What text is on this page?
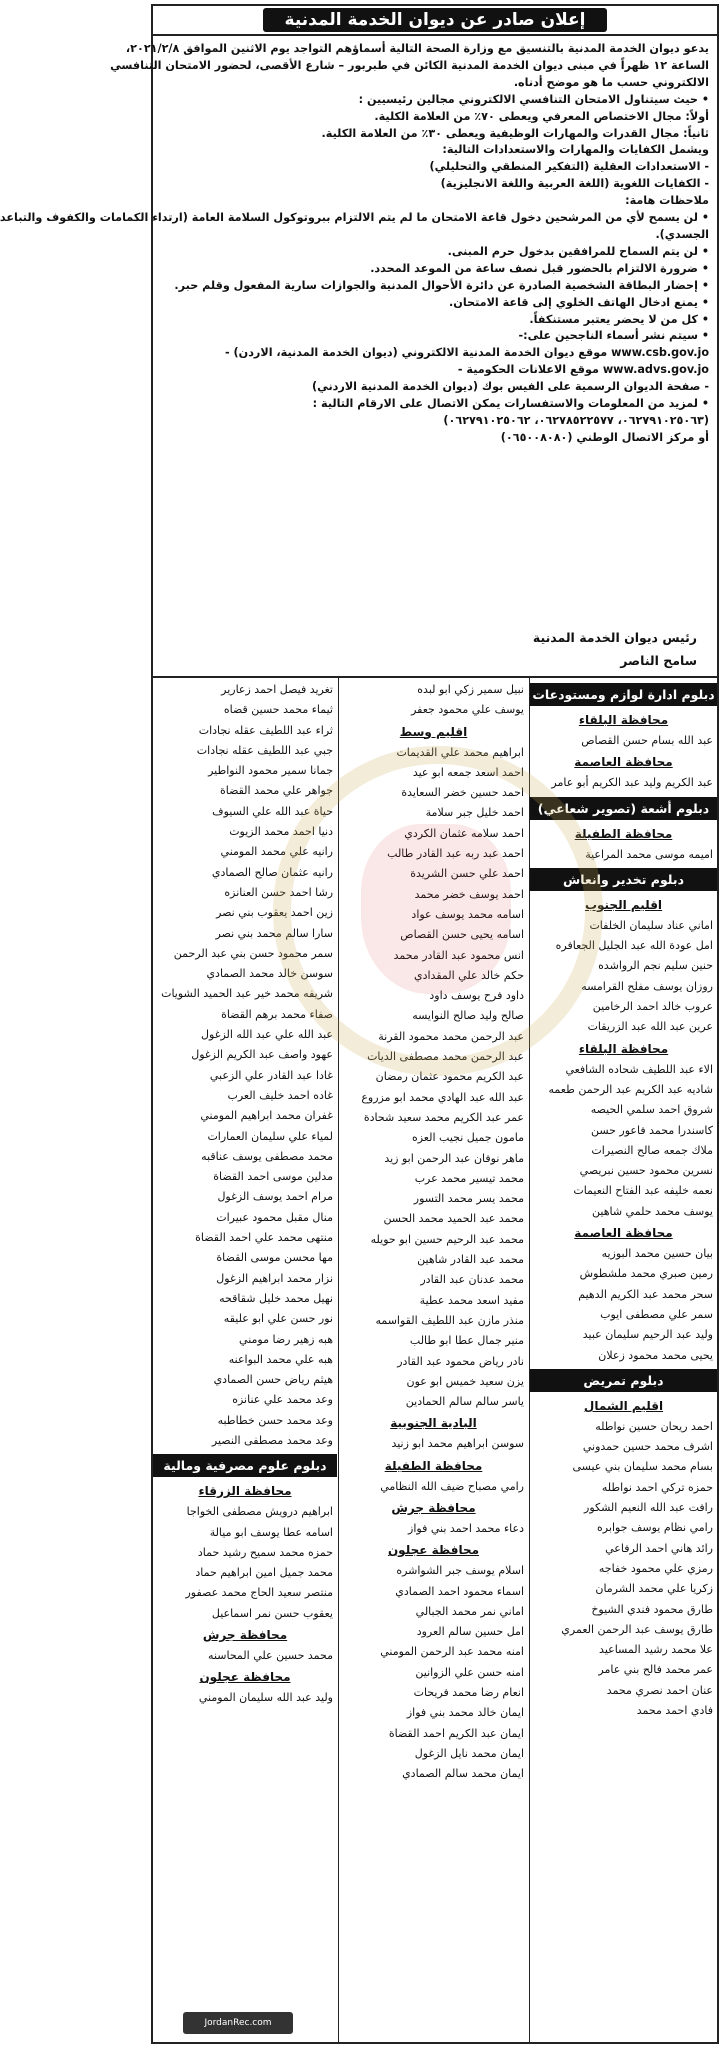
إعلان صادر عن ديوان الخدمة المدنية

يدعو ديوان الخدمة المدنية بالتنسيق مع وزارة الصحة التالية أسماؤهم التواجد يوم الاثنين الموافق ٢٠٢١/٢/٨،

الساعة ١٢ ظهراً في مبنى ديوان الخدمة المدنية الكائن في طبربور – شارع الأقصى، لحضور الامتحان التنافسي

الالكتروني حسب ما هو موضح أدناه.

• حيث سيتناول الامتحان التنافسي الالكتروني مجالين رئيسيين :

أولاً: مجال الاختصاص المعرفي ويعطى ٧٠٪ من العلامة الكلية.

ثانياً: مجال القدرات والمهارات الوظيفية ويعطى ٣٠٪ من العلامة الكلية.

ويشمل الكفايات والمهارات والاستعدادات التالية:

- الاستعدادات العقلية (التفكير المنطقي والتحليلي)

- الكفايات اللغوية (اللغة العربية واللغة الانجليزية)

ملاحظات هامة:

• لن يسمح لأي من المرشحين دخول قاعة الامتحان ما لم يتم الالتزام ببروتوكول السلامة العامة (ارتداء الكمامات والكفوف والتباعد

الجسدي).

• لن يتم السماح للمرافقين بدخول حرم المبنى.

• ضرورة الالتزام بالحضور قبل نصف ساعة من الموعد المحدد.

• إحضار البطاقة الشخصية الصادرة عن دائرة الأحوال المدنية والجوازات سارية المفعول وقلم حبر.

• يمنع ادخال الهاتف الخلوي إلى قاعة الامتحان.

• كل من لا يحضر يعتبر مستنكفاً.

• سيتم نشر أسماء الناجحين على:-

- موقع ديوان الخدمة المدنية الالكتروني (ديوان الخدمة المدنية، الاردن) www.csb.gov.jo

- موقع الاعلانات الحكومية www.advs.gov.jo

- صفحة الديوان الرسمية على الفيس بوك (ديوان الخدمة المدنية الاردني)

• لمزيد من المعلومات والاستفسارات يمكن الاتصال على الارقام التالية :

(٠٦٢٧٩١٠٢٥٠٦٣، ٠٦٢٧٨٥٢٢٥٧٧، ٠٦٢٧٩١٠٢٥٠٦٢)

أو مركز الاتصال الوطني (٠٦٥٠٠٨٠٨٠)

رئيس ديوان الخدمة المدنية
سامح الناصر
دبلوم ادارة لوازم ومستودعات
محافظة البلقاء
عبد الله بسام حسن القصاص
محافظة العاصمة
عبد الكريم وليد عبد الكريم أبو عامر
دبلوم أشعة (تصوير شعاعي)
محافظة الطفيلة
اميمه موسى محمد المراعية
دبلوم تخدير وانعاش
اقليم الجنوب
اماني عناد سليمان الخلفات
امل عودة الله عبد الجليل الجعافره
حنين سليم نجم الرواشده
روزان يوسف مفلح القرامسه
عروب خالد احمد الرخامين
عرين عبد الله عبد الزريقات
محافظة البلقاء
الاء عبد اللطيف شحاده الشافعي
شاديه عبد الكريم عبد الرحمن طعمه
شروق احمد سلمي الحيصه
كاسندرا محمد فاعور حسن
ملاك جمعه صالح النصيرات
نسرين محمود حسين نبريصي
نعمه خليفه عبد الفتاح النعيمات
يوسف محمد حلمي شاهين
محافظة العاصمة
بيان حسين محمد البوزيه
رمين صبري محمد ملشطوش
سحر محمد عبد الكريم الدهيم
سمر علي مصطفى ايوب
وليد عبد الرحيم سليمان عبيد
يحيى محمد محمود زعلان
دبلوم تمريض
اقليم الشمال
احمد ريحان حسين نواطله
اشرف محمد حسين حمدوني
بسام محمد سليمان بني عيسى
حمزه تركي احمد نواطله
رافت عبد الله النعيم الشكور
رامي نظام يوسف جوابره
رائد هاني احمد الرفاعي
رمزي علي محمود خفاجه
زكريا علي محمد الشرمان
طارق محمود فندي الشيوخ
طارق يوسف عبد الرحمن العمري
علا محمد رشيد المساعيد
عمر محمد فالح بني عامر
عنان احمد نصري محمد
فادي احمد محمد
نبيل سمير زكي ابو لبده
يوسف علي محمود جعفر
اقليم وسط
ابراهيم محمد علي القديمات
احمد اسعد جمعه ابو عيد
احمد حسين خضر السعايدة
احمد خليل جبر سلامة
احمد سلامه عثمان الكردي
احمد عبد ربه عبد القادر طالب
احمد علي حسن الشريدة
احمد يوسف خضر محمد
اسامه محمد يوسف عواد
اسامه يحيى حسن القصاص
انس محمود عبد القادر محمد
حكم خالد علي المقدادي
داود فرح يوسف داود
صالح وليد صالح النوايسه
عبد الرحمن محمد محمود القرنة
عبد الرحمن محمد مصطفى الديات
عبد الكريم محمود عثمان رمضان
عبد الله عبد الهادي محمد ابو مزروع
عمر عبد الكريم محمد سعيد شحادة
مامون جميل نجيب العزه
ماهر نوفان عبد الرحمن ابو زيد
محمد تيسير محمد عرب
محمد يسر محمد التسور
محمد عبد الحميد محمد الحسن
محمد عبد الرحيم حسين ابو حويله
محمد عبد القادر شاهين
محمد عدنان عبد القادر
مفيد اسعد محمد عطية
منذر مازن عبد اللطيف القواسمه
منير جمال عطا ابو طالب
نادر رياض محمود عبد القادر
يزن سعيد خميس ابو عون
ياسر سالم سالم الحمادين
البادية الجنوبية
سوسن ابراهيم محمد ابو زنيد
محافظة الطفيلة
رامي مصباح ضيف الله النظامي
محافظة جرش
دعاء محمد احمد بني فواز
محافظة عجلون
اسلام يوسف جبر الشواشره
اسماء محمود احمد الصمادي
اماني نمر محمد الجبالي
امل حسين سالم العرود
امنه محمد عبد الرحمن المومني
امنه حسن علي الزوانين
انعام رضا محمد فريحات
ايمان خالد محمد بني فواز
ايمان عبد الكريم احمد القضاة
ايمان محمد نايل الزغول
ايمان محمد سالم الصمادي
تغريد فيصل احمد زعارير
ثيماء محمد حسين قضاه
ثراء عبد اللطيف عقله نجادات
جبي عبد اللطيف عقله نجادات
جمانا سمير محمود النواطير
جواهر علي محمد القضاة
حياة عبد الله علي السيوف
دنيا احمد محمد الزيوت
رانيه علي محمد المومني
رانيه عثمان صالح الصمادي
رشا احمد حسن العنانزه
زين احمد يعقوب بني نصر
سارا سالم محمد بني نصر
سمر محمود حسن بني عبد الرحمن
سوسن خالد محمد الصمادي
شريفه محمد خير عبد الحميد الشويات
صفاء محمد برهم القضاة
عبد الله علي عبد الله الزغول
عهود واصف عبد الكريم الزغول
غادا عبد القادر علي الزعبي
غاده احمد خليف العرب
غفران محمد ابراهيم المومني
لمياء علي سليمان العمارات
محمد مصطفى يوسف عناقبه
مدلين موسى احمد القضاة
مرام احمد يوسف الزغول
منال مقبل محمود عبيرات
منتهى محمد علي احمد القضاة
مها محسن موسى القضاة
نزار محمد ابراهيم الزغول
نهيل محمد خليل شقاقحه
نور حسن علي ابو عليقه
هبه زهير رضا مومني
هبه علي محمد البواعنه
هيثم رياض حسن الصمادي
وعد محمد علي عنانزه
وعد محمد حسن خطاطبه
وعد محمد مصطفى النصير
دبلوم علوم مصرفية ومالية
محافظة الزرقاء
ابراهيم درويش مصطفى الخواجا
اسامه عطا يوسف ابو ميالة
حمزه محمد سميح رشيد حماد
محمد جميل امين ابراهيم حماد
منتصر سعيد الحاج محمد عصفور
يعقوب حسن نمر اسماعيل
محافظة جرش
محمد حسين علي المحاسنه
محافظة عجلون
وليد عبد الله سليمان المومني
JordanRec.com
